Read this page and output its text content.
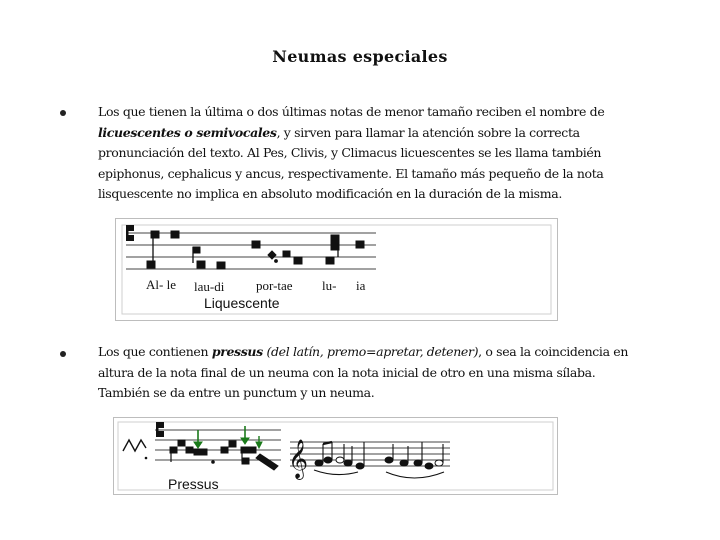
Neumas especiales
Los que tienen la última o dos últimas notas de menor tamaño reciben el nombre de licuescentes o semivocales, y sirven para llamar la atención sobre la correcta pronunciación del texto. Al Pes, Clivis, y Climacus licuescentes se les llama también epiphonus, cephalicus y ancus, respectivamente. El tamaño más pequeño de la nota lisquescente no implica en absoluto modificación en la duración de la misma.
Al- le lau-di por-tae lu- ia
Liquescente
Los que contienen pressus (del latín, premo=apretar, detener), o sea la coincidencia en altura de la nota final de un neuma con la nota inicial de otro en una misma sílaba. También se da entre un punctum y un neuma.
𝄞
Pressus
